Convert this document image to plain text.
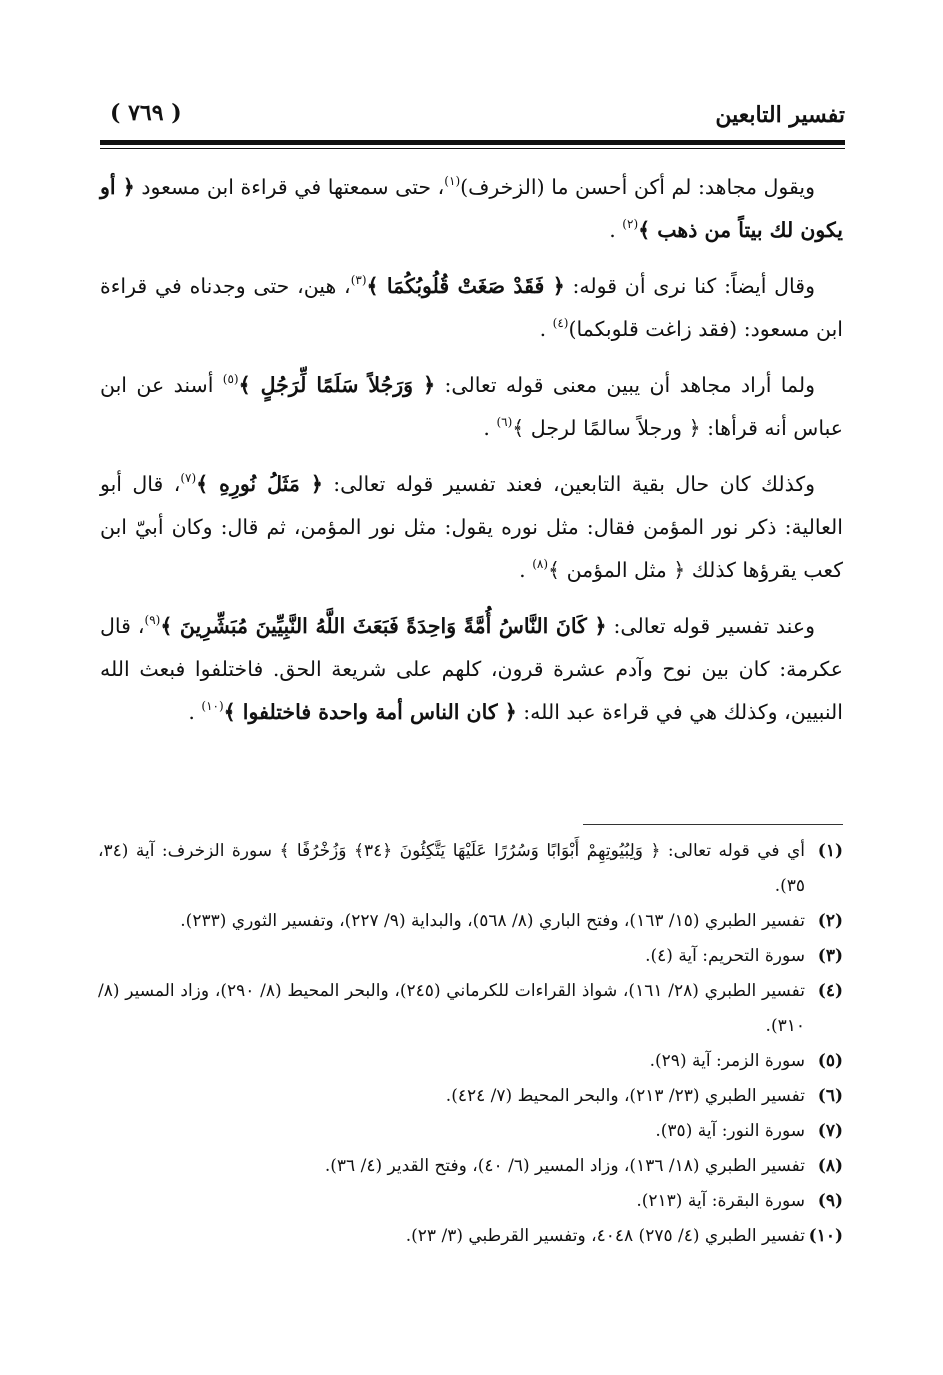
تفسير التابعين
( ٧٦٩ )

ويقول مجاهد: لم أكن أحسن ما (الزخرف)$^{(١)}$، حتى سمعتها في قراءة ابن مسعود ﴿ أو يكون لك بيتاً من ذهب ﴾$^{(٢)}$ .

وقال أيضاً: كنا نرى أن قوله: ﴿ فَقَدْ صَغَتْ قُلُوبُكُمَا ﴾$^{(٣)}$، هين، حتى وجدناه في قراءة ابن مسعود: (فقد زاغت قلوبكما)$^{(٤)}$ .

ولما أراد مجاهد أن يبين معنى قوله تعالى: ﴿ وَرَجُلاً سَلَمًا لِّرَجُلٍ ﴾$^{(٥)}$ أسند عن ابن عباس أنه قرأها: ﴿ ورجلاً سالمًا لرجل ﴾$^{(٦)}$ .

وكذلك كان حال بقية التابعين، فعند تفسير قوله تعالى: ﴿ مَثَلُ نُورِهِ ﴾$^{(٧)}$، قال أبو العالية: ذكر نور المؤمن فقال: مثل نوره يقول: مثل نور المؤمن، ثم قال: وكان أبيّ ابن كعب يقرؤها كذلك ﴿ مثل المؤمن ﴾$^{(٨)}$ .

وعند تفسير قوله تعالى: ﴿ كَانَ النَّاسُ أُمَّةً وَاحِدَةً فَبَعَثَ اللَّهُ النَّبِيِّينَ مُبَشِّرِينَ ﴾$^{(٩)}$، قال عكرمة: كان بين نوح وآدم عشرة قرون، كلهم على شريعة الحق. فاختلفوا فبعث الله النبيين، وكذلك هي في قراءة عبد الله: ﴿ كان الناس أمة واحدة فاختلفوا ﴾$^{(١٠)}$ .

(١)
أي في قوله تعالى: ﴿ وَلِبُيُوتِهِمْ أَبْوَابًا وَسُرُرًا عَلَيْهَا يَتَّكِئُونَ ﴿٣٤﴾ وَزُخْرُفًا ﴾ سورة الزخرف: آية (٣٤، ٣٥).
(٢)
تفسير الطبري (١٥/ ١٦٣)، وفتح الباري (٨/ ٥٦٨)، والبداية (٩/ ٢٢٧)، وتفسير الثوري (٢٣٣).
(٣)
سورة التحريم: آية (٤).
(٤)
تفسير الطبري (٢٨/ ١٦١)، شواذ القراءات للكرماني (٢٤٥)، والبحر المحيط (٨/ ٢٩٠)، وزاد المسير (٨/ ٣١٠).
(٥)
سورة الزمر: آية (٢٩).
(٦)
تفسير الطبري (٢٣/ ٢١٣)، والبحر المحيط (٧/ ٤٢٤).
(٧)
سورة النور: آية (٣٥).
(٨)
تفسير الطبري (١٨/ ١٣٦)، وزاد المسير (٦/ ٤٠)، وفتح القدير (٤/ ٣٦).
(٩)
سورة البقرة: آية (٢١٣).
(١٠)
تفسير الطبري (٤/ ٢٧٥) ٤٠٤٨، وتفسير القرطبي (٣/ ٢٣).
